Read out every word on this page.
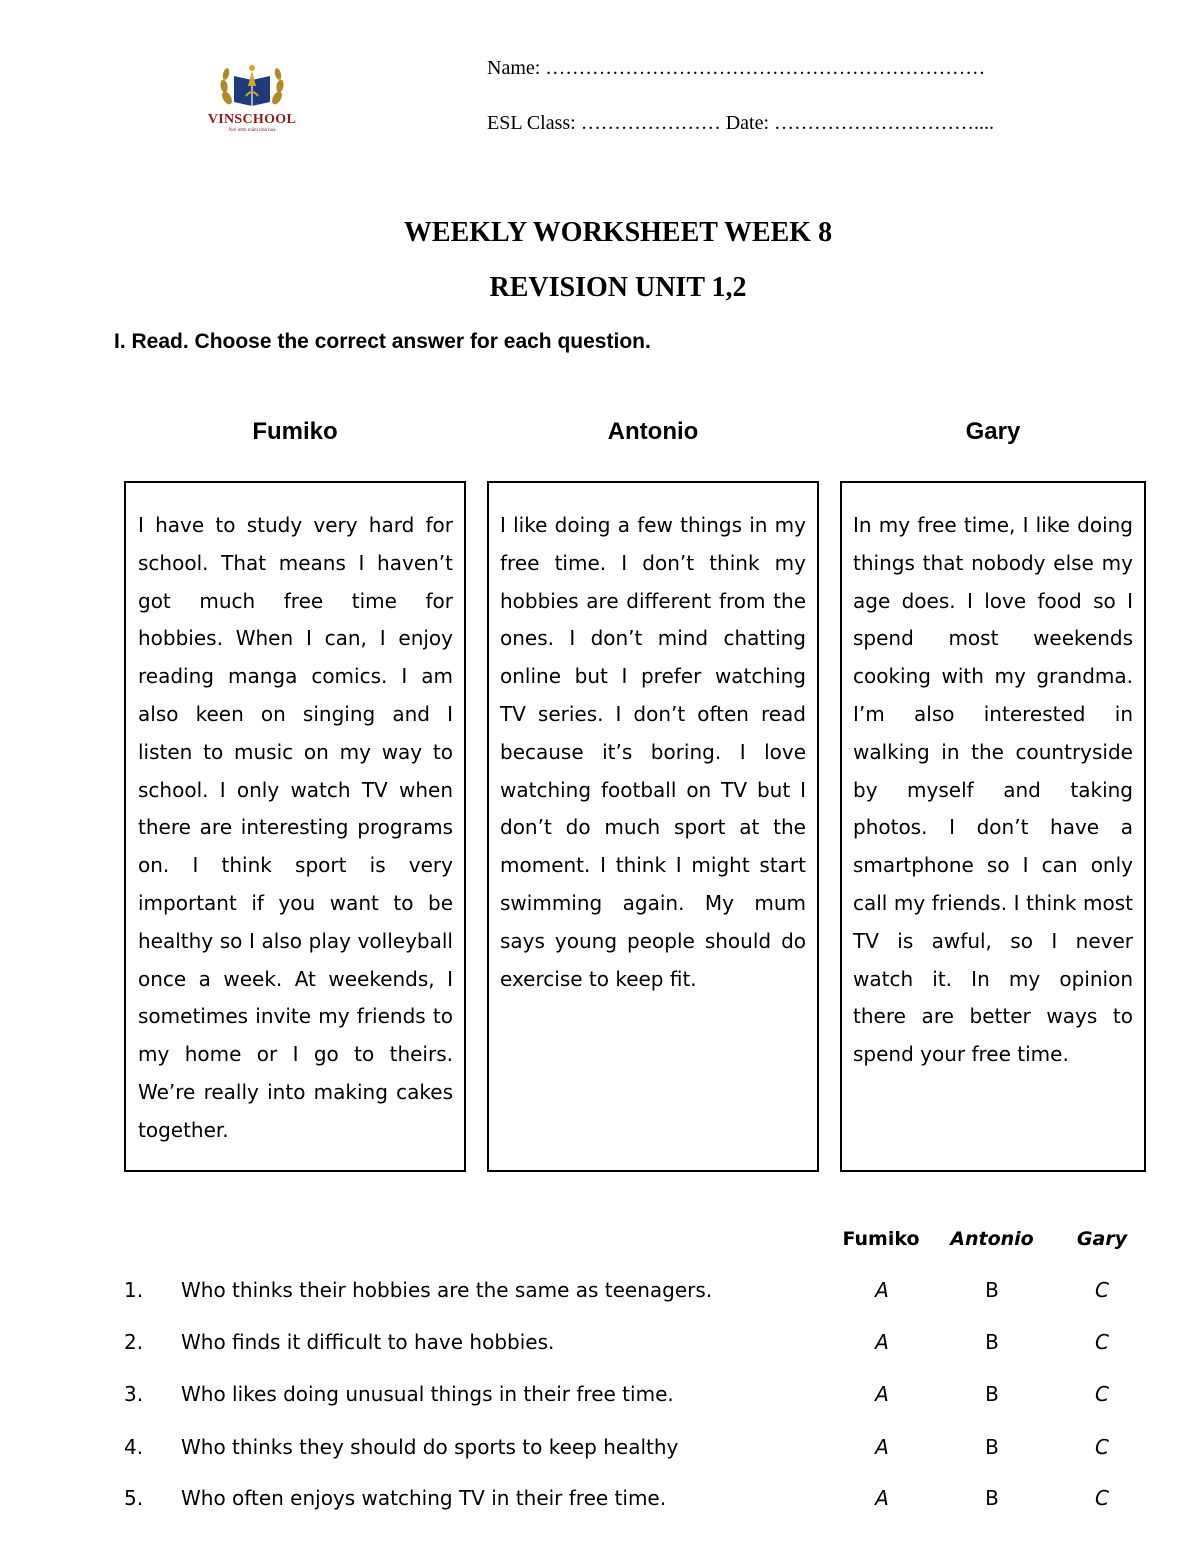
VINSCHOOL
Nơi ươm mầm tinh hoa
Name: …………………………………………………………
ESL Class: ………………… Date: …………………………....
WEEKLY WORKSHEET WEEK 8
REVISION UNIT 1,2
I. Read. Choose the correct answer for each question.
Fumiko	Antonio	Gary

I have to study very hard for school. That means I haven’t got much free time for hobbies. When I can, I enjoy reading manga comics. I am also keen on singing and I listen to music on my way to school. I only watch TV when there are interesting programs on. I think sport is very important if you want to be healthy so I also play volleyball once a week. At weekends, I sometimes invite my friends to my home or I go to theirs. We’re really into making cakes together.

I like doing a few things in my free time. I don’t think my hobbies are different from the ones. I don’t mind chatting online but I prefer watching TV series. I don’t often read because it’s boring. I love watching football on TV but I don’t do much sport at the moment. I think I might start swimming again. My mum says young people should do exercise to keep fit.

In my free time, I like doing things that nobody else my age does. I love food so I spend most weekends cooking with my grandma. I’m also interested in walking in the countryside by myself and taking photos. I don’t have a smartphone so I can only call my friends. I think most TV is awful, so I never watch it. In my opinion there are better ways to spend your free time.

Fumiko	Antonio	Gary
1. Who thinks their hobbies are the same as teenagers.	A	B	C
2. Who finds it difficult to have hobbies.	A	B	C
3. Who likes doing unusual things in their free time.	A	B	C
4. Who thinks they should do sports to keep healthy	A	B	C
5. Who often enjoys watching TV in their free time.	A	B	C
